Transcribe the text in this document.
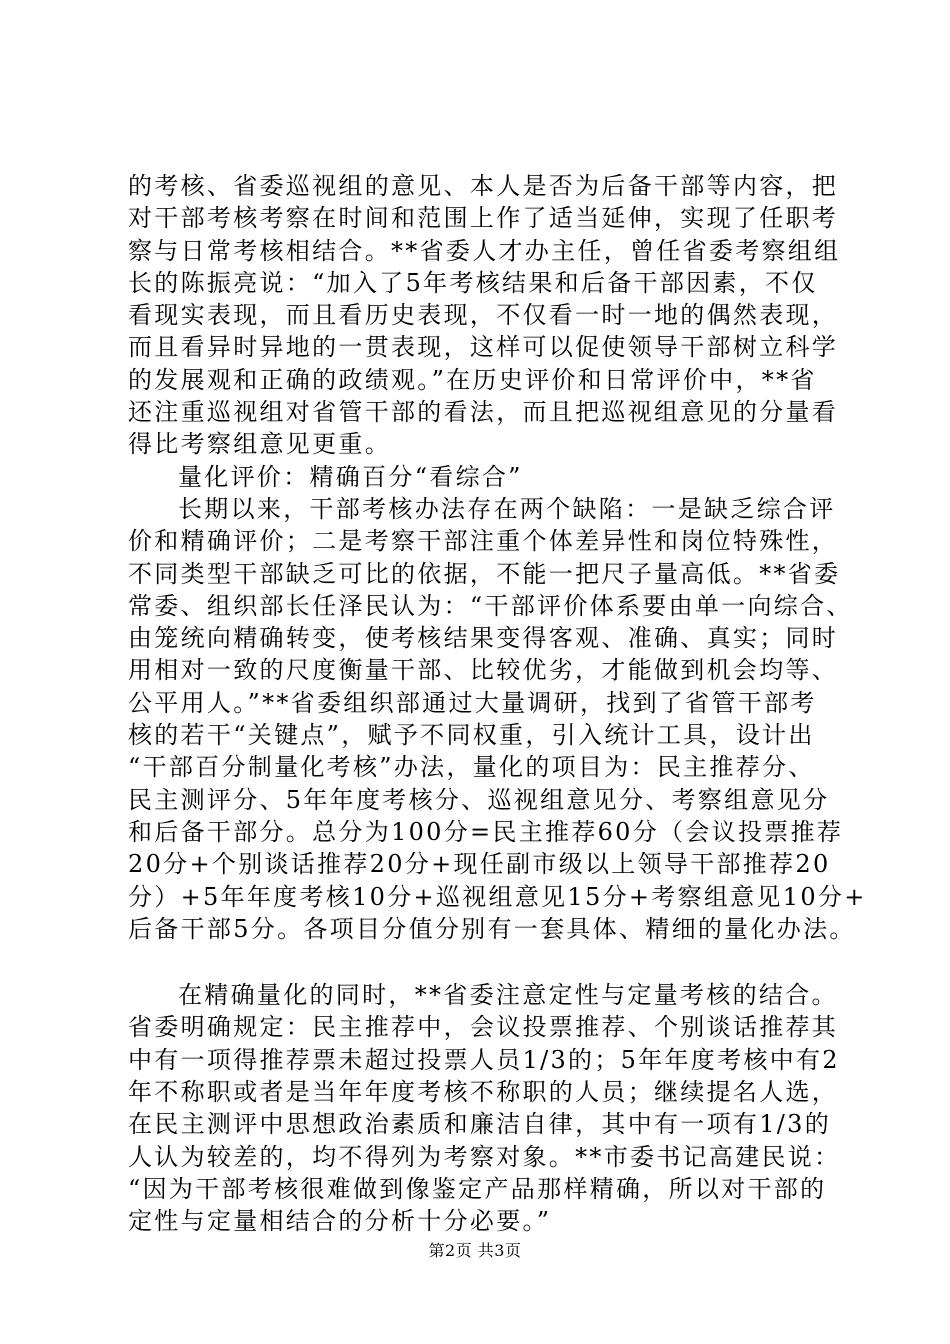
的考核、省委巡视组的意见、本人是否为后备干部等内容，把
对干部考核考察在时间和范围上作了适当延伸，实现了任职考
察与日常考核相结合。**省委人才办主任，曾任省委考察组组
长的陈振亮说：“加入了5年考核结果和后备干部因素，不仅
看现实表现，而且看历史表现，不仅看一时一地的偶然表现，
而且看异时异地的一贯表现，这样可以促使领导干部树立科学
的发展观和正确的政绩观。”在历史评价和日常评价中，**省
还注重巡视组对省管干部的看法，而且把巡视组意见的分量看
得比考察组意见更重。
量化评价：精确百分“看综合”
长期以来，干部考核办法存在两个缺陷：一是缺乏综合评
价和精确评价；二是考察干部注重个体差异性和岗位特殊性，
不同类型干部缺乏可比的依据，不能一把尺子量高低。**省委
常委、组织部长任泽民认为：“干部评价体系要由单一向综合、
由笼统向精确转变，使考核结果变得客观、准确、真实；同时
用相对一致的尺度衡量干部、比较优劣，才能做到机会均等、
公平用人。”**省委组织部通过大量调研，找到了省管干部考
核的若干“关键点”，赋予不同权重，引入统计工具，设计出
“干部百分制量化考核”办法，量化的项目为：民主推荐分、
民主测评分、5年年度考核分、巡视组意见分、考察组意见分
和后备干部分。总分为100分=民主推荐60分（会议投票推荐
20分+个别谈话推荐20分+现任副市级以上领导干部推荐20
分）+5年年度考核10分+巡视组意见15分+考察组意见10分+
后备干部5分。各项目分值分别有一套具体、精细的量化办法。
在精确量化的同时，**省委注意定性与定量考核的结合。
省委明确规定：民主推荐中，会议投票推荐、个别谈话推荐其
中有一项得推荐票未超过投票人员1/3的；5年年度考核中有2
年不称职或者是当年年度考核不称职的人员；继续提名人选，
在民主测评中思想政治素质和廉洁自律，其中有一项有1/3的
人认为较差的，均不得列为考察对象。**市委书记高建民说：
“因为干部考核很难做到像鉴定产品那样精确，所以对干部的
定性与定量相结合的分析十分必要。”
第2页 共3页
